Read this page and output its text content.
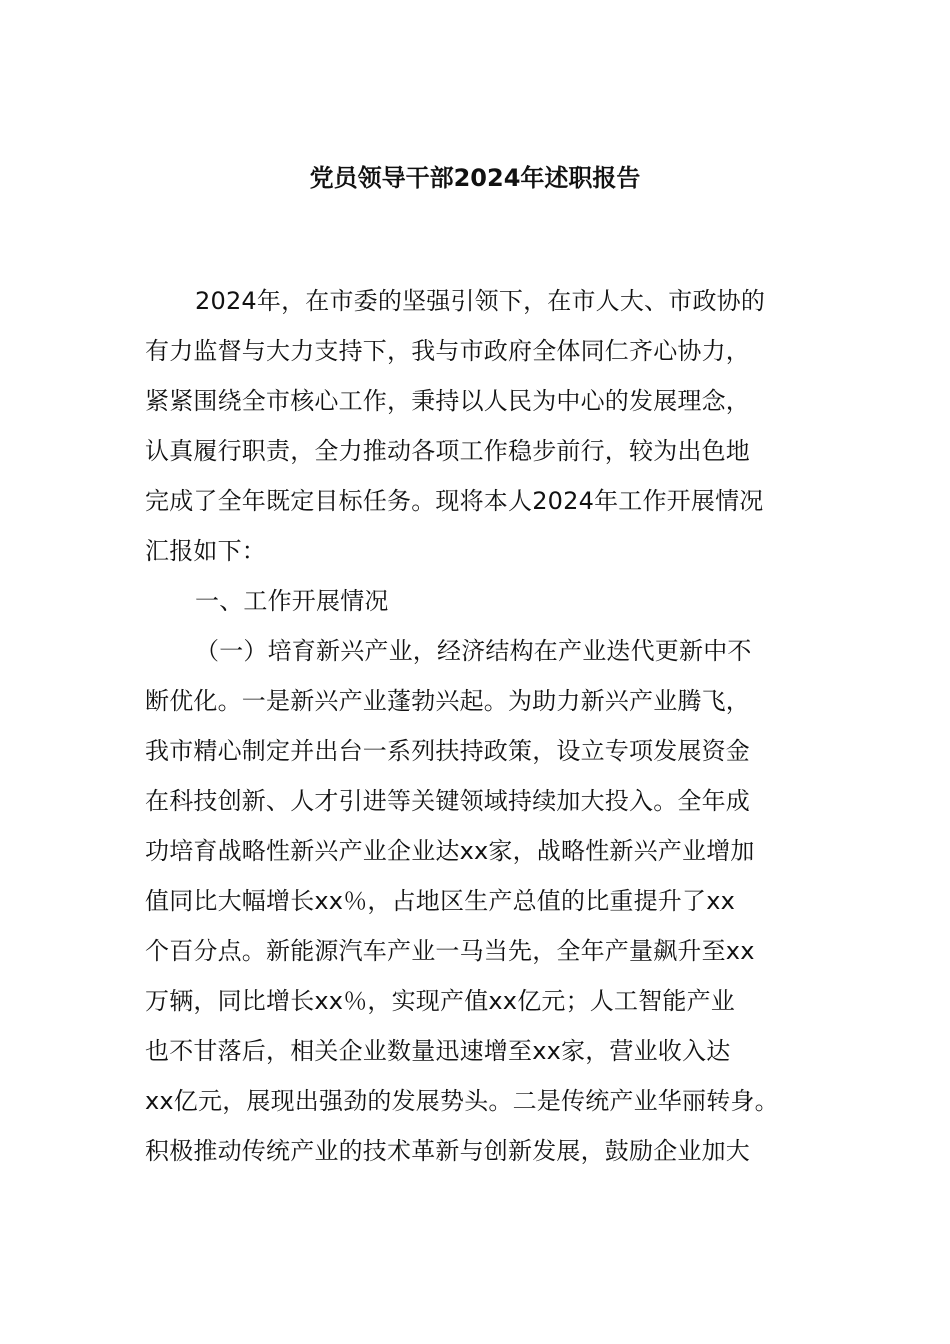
党员领导干部2024年述职报告
2024年，在市委的坚强引领下，在市人大、市政协的
有力监督与大力支持下，我与市政府全体同仁齐心协力，
紧紧围绕全市核心工作，秉持以人民为中心的发展理念，
认真履行职责，全力推动各项工作稳步前行，较为出色地
完成了全年既定目标任务。现将本人2024年工作开展情况
汇报如下：
一、工作开展情况
（一）培育新兴产业，经济结构在产业迭代更新中不
断优化。一是新兴产业蓬勃兴起。为助力新兴产业腾飞，
我市精心制定并出台一系列扶持政策，设立专项发展资金
在科技创新、人才引进等关键领域持续加大投入。全年成
功培育战略性新兴产业企业达xx家，战略性新兴产业增加
值同比大幅增长xx％，占地区生产总值的比重提升了xx
个百分点。新能源汽车产业一马当先，全年产量飙升至xx
万辆，同比增长xx％，实现产值xx亿元；人工智能产业
也不甘落后，相关企业数量迅速增至xx家，营业收入达
xx亿元，展现出强劲的发展势头。二是传统产业华丽转身。
积极推动传统产业的技术革新与创新发展，鼓励企业加大
